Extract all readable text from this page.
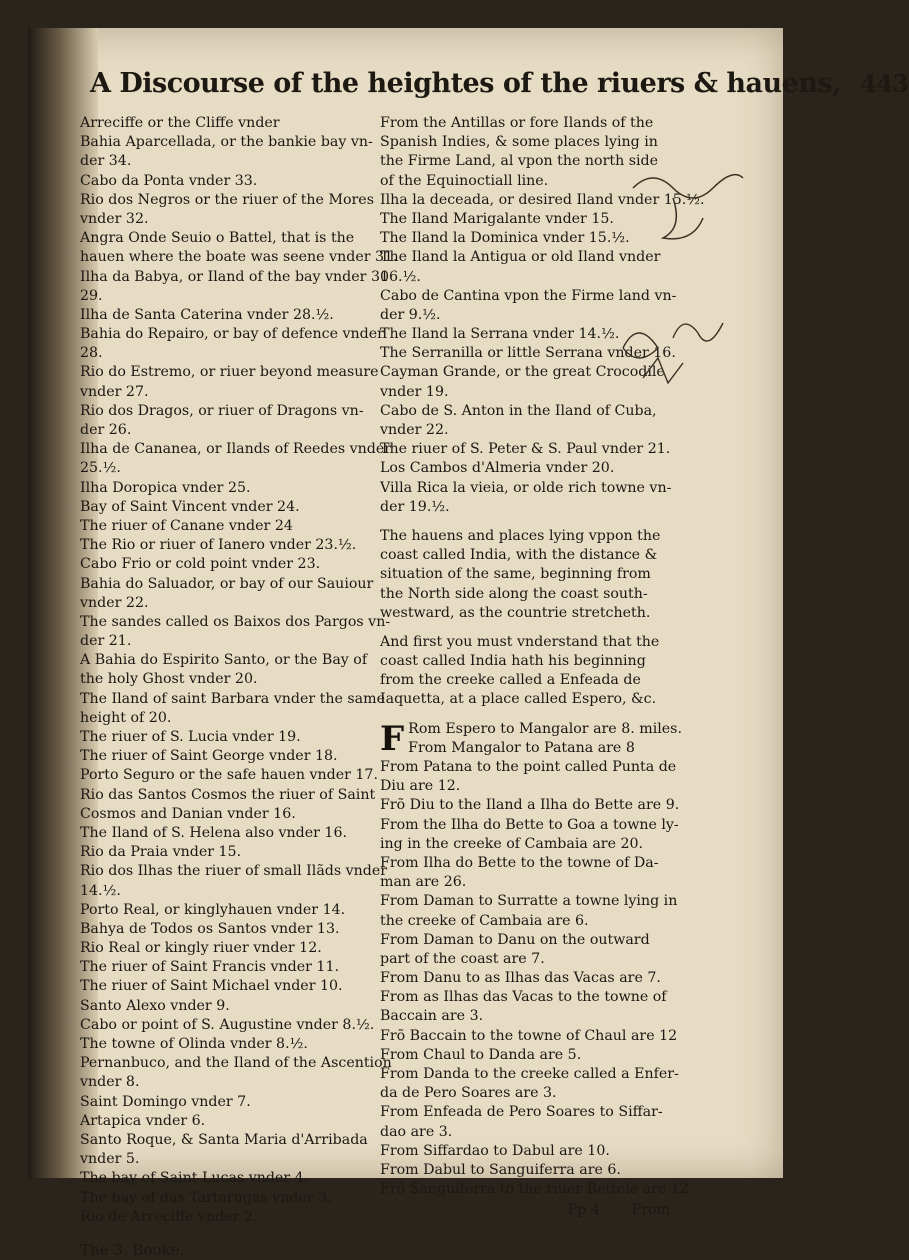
A Discourse of the heightes of the riuers & hauens, 443
Arreciffe or the Cliffe vnder
Bahia Aparcellada, or the bankie bay vn-
der 34.
Cabo da Ponta vnder 33.
Rio dos Negros or the riuer of the Mores
vnder 32.
Angra Onde Seuio o Battel, that is the
hauen where the boate was seene vnder 31.
Ilha da Babya, or Iland of the bay vnder 30
29.
Ilha de Santa Caterina vnder 28.½.
Bahia do Repairo, or bay of defence vnder
28.
Rio do Estremo, or riuer beyond measure
vnder 27.
Rio dos Dragos, or riuer of Dragons vn-
der 26.
Ilha de Cananea, or Ilands of Reedes vnder
25.½.
Ilha Doropica vnder 25.
Bay of Saint Vincent vnder 24.
The riuer of Canane vnder 24
The Rio or riuer of Ianero vnder 23.½.
Cabo Frio or cold point vnder 23.
Bahia do Saluador, or bay of our Sauiour
vnder 22.
The sandes called os Baixos dos Pargos vn-
der 21.
A Bahia do Espirito Santo, or the Bay of
the holy Ghost vnder 20.
The Iland of saint Barbara vnder the same
height of 20.
The riuer of S. Lucia vnder 19.
The riuer of Saint George vnder 18.
Porto Seguro or the safe hauen vnder 17.
Rio das Santos Cosmos the riuer of Saint
Cosmos and Danian vnder 16.
The Iland of S. Helena also vnder 16.
Rio da Praia vnder 15.
Rio dos Ilhas the riuer of small Ilãds vnder
14.½.
Porto Real, or kinglyhauen vnder 14.
Bahya de Todos os Santos vnder 13.
Rio Real or kingly riuer vnder 12.
The riuer of Saint Francis vnder 11.
The riuer of Saint Michael vnder 10.
Santo Alexo vnder 9.
Cabo or point of S. Augustine vnder 8.½.
The towne of Olinda vnder 8.½.
Pernanbuco, and the Iland of the Ascention
vnder 8.
Saint Domingo vnder 7.
Artapica vnder 6.
Santo Roque, & Santa Maria d'Arribada
vnder 5.
The bay of Saint Lucas vnder 4.
The bay of das Tartarugas vnder 3.
Rio de Arreciffe vnder 2.
The 3. Booke.
From the Antillas or fore Ilands of the
Spanish Indies, & some places lying in
the Firme Land, al vpon the north side
of the Equinoctiall line.
Ilha la deceada, or desired Iland vnder 15.½.
The Iland Marigalante vnder 15.
The Iland la Dominica vnder 15.½.
The Iland la Antigua or old Iland vnder
16.½.
Cabo de Cantina vpon the Firme land vn-
der 9.½.
The Iland la Serrana vnder 14.½.
The Serranilla or little Serrana vnder 16.
Cayman Grande, or the great Crocodile
vnder 19.
Cabo de S. Anton in the Iland of Cuba,
vnder 22.
The riuer of S. Peter & S. Paul vnder 21.
Los Cambos d'Almeria vnder 20.
Villa Rica la vieia, or olde rich towne vn-
der 19.½.
The hauens and places lying vppon the
coast called India, with the distance &
situation of the same, beginning from
the North side along the coast south-
westward, as the countrie stretcheth.
And first you must vnderstand that the
coast called India hath his beginning
from the creeke called a Enfeada de
Iaquetta, at a place called Espero, &c.
F Rom Espero to Mangalor are 8. miles.
From Mangalor to Patana are 8
From Patana to the point called Punta de
Diu are 12.
Frõ Diu to the Iland a Ilha do Bette are 9.
From the Ilha do Bette to Goa a towne ly-
ing in the creeke of Cambaia are 20.
From Ilha do Bette to the towne of Da-
man are 26.
From Daman to Surratte a towne lying in
the creeke of Cambaia are 6.
From Daman to Danu on the outward
part of the coast are 7.
From Danu to as Ilhas das Vacas are 7.
From as Ilhas das Vacas to the towne of
Baccain are 3.
Frõ Baccain to the towne of Chaul are 12
From Chaul to Danda are 5.
From Danda to the creeke called a Enfer-
da de Pero Soares are 3.
From Enfeada de Pero Soares to Siffar-
dao are 3.
From Siffardao to Dabul are 10.
From Dabul to Sanguiferra are 6.
Frõ Sanguiferra to the riuer Bettele are 12
Pp 4. From
